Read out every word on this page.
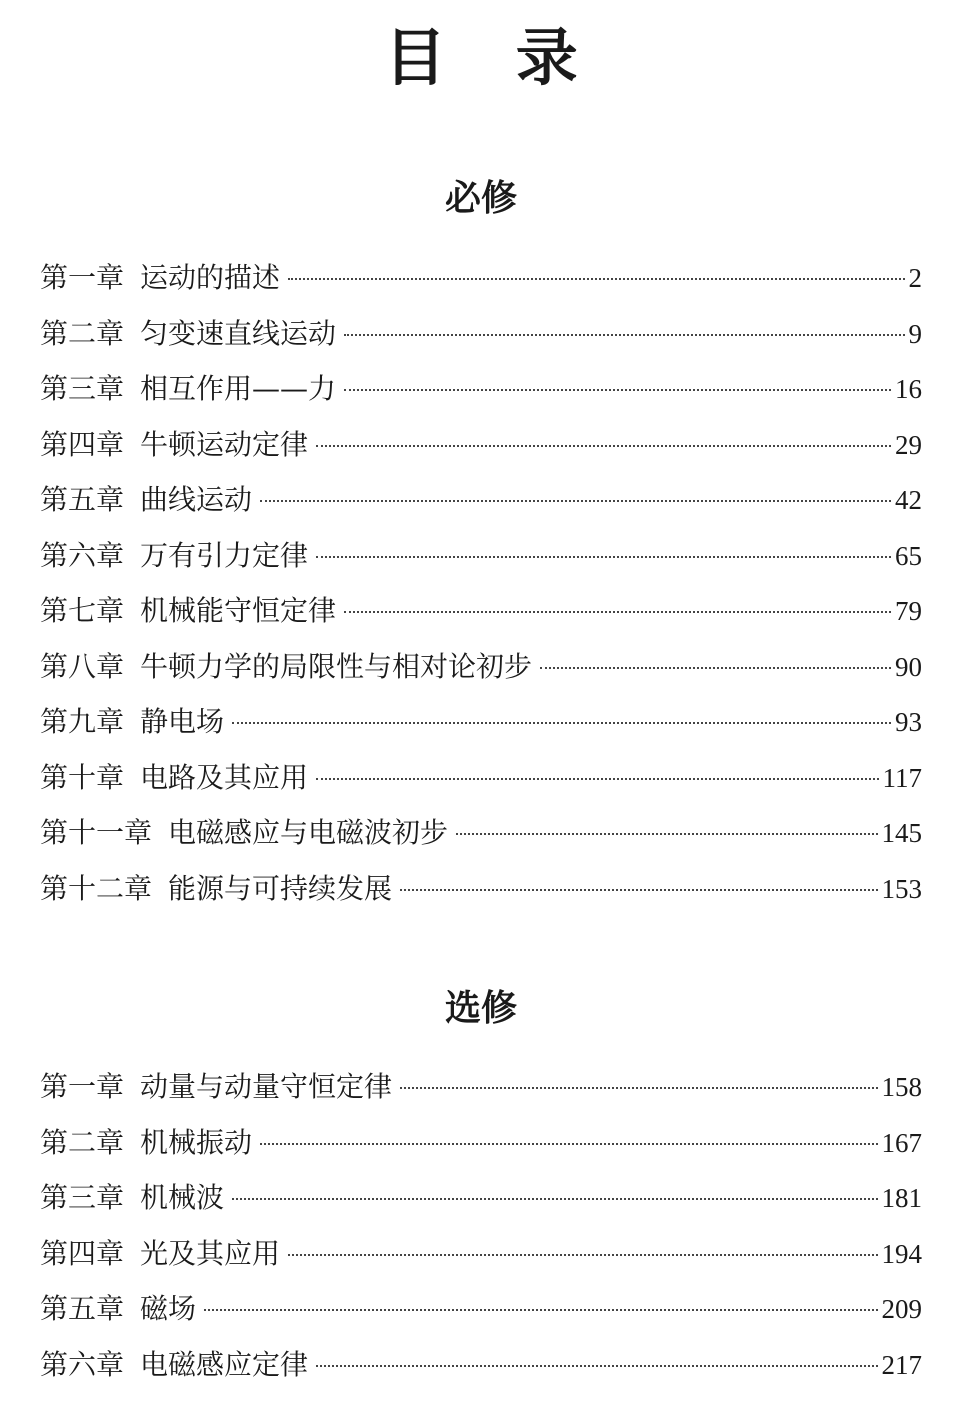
目 录
必修
第一章 运动的描述	2
第二章 匀变速直线运动	9
第三章 相互作用——力	16
第四章 牛顿运动定律	29
第五章 曲线运动	42
第六章 万有引力定律	65
第七章 机械能守恒定律	79
第八章 牛顿力学的局限性与相对论初步	90
第九章 静电场	93
第十章 电路及其应用	117
第十一章 电磁感应与电磁波初步	145
第十二章 能源与可持续发展	153
选修
第一章 动量与动量守恒定律	158
第二章 机械振动	167
第三章 机械波	181
第四章 光及其应用	194
第五章 磁场	209
第六章 电磁感应定律	217
